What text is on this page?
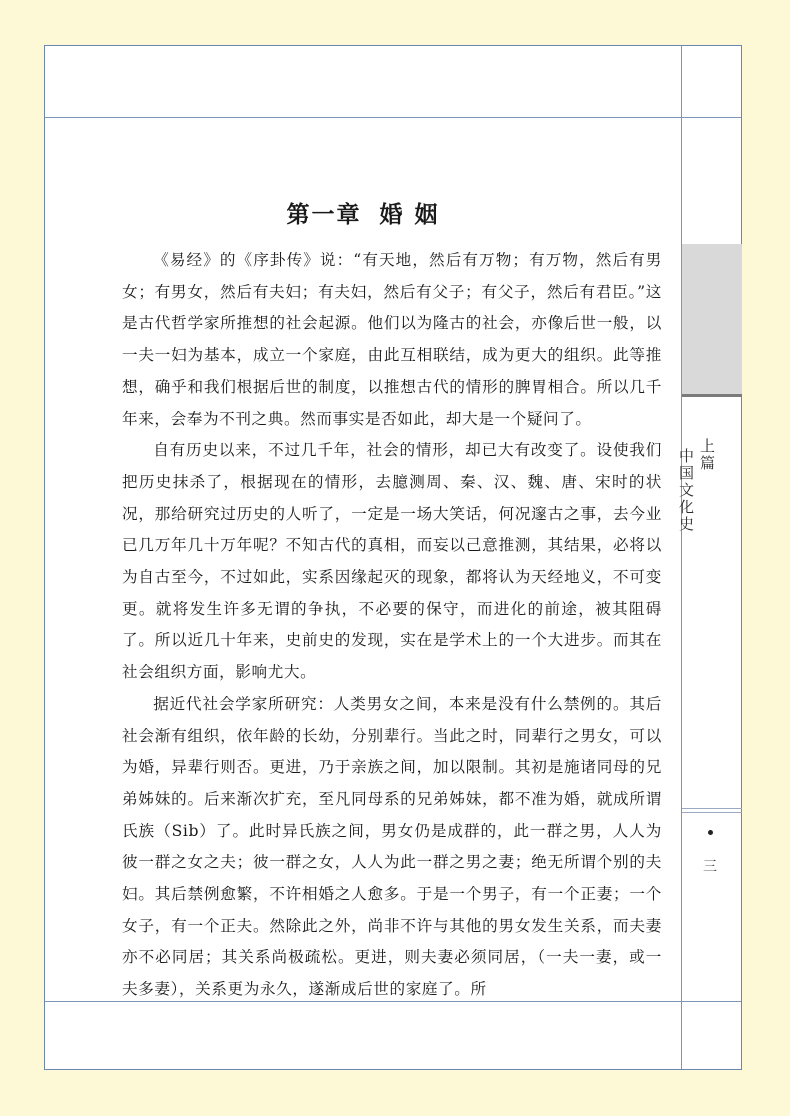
上篇
中国文化史
三
第一章 婚 姻

《易经》的《序卦传》说：“有天地，然后有万物；有万物，然后有男女；有男女，然后有夫妇；有夫妇，然后有父子；有父子，然后有君臣。”这是古代哲学家所推想的社会起源。他们以为隆古的社会，亦像后世一般，以一夫一妇为基本，成立一个家庭，由此互相联结，成为更大的组织。此等推想，确乎和我们根据后世的制度，以推想古代的情形的脾胃相合。所以几千年来，会奉为不刊之典。然而事实是否如此，却大是一个疑问了。

自有历史以来，不过几千年，社会的情形，却已大有改变了。设使我们把历史抹杀了，根据现在的情形，去臆测周、秦、汉、魏、唐、宋时的状况，那给研究过历史的人听了，一定是一场大笑话，何况邃古之事，去今业已几万年几十万年呢？不知古代的真相，而妄以己意推测，其结果，必将以为自古至今，不过如此，实系因缘起灭的现象，都将认为天经地义，不可变更。就将发生许多无谓的争执，不必要的保守，而进化的前途，被其阻碍了。所以近几十年来，史前史的发现，实在是学术上的一个大进步。而其在社会组织方面，影响尤大。

据近代社会学家所研究：人类男女之间，本来是没有什么禁例的。其后社会渐有组织，依年龄的长幼，分别辈行。当此之时，同辈行之男女，可以为婚，异辈行则否。更进，乃于亲族之间，加以限制。其初是施诸同母的兄弟姊妹的。后来渐次扩充，至凡同母系的兄弟姊妹，都不准为婚，就成所谓氏族（Sib）了。此时异氏族之间，男女仍是成群的，此一群之男，人人为彼一群之女之夫；彼一群之女，人人为此一群之男之妻；绝无所谓个别的夫妇。其后禁例愈繁，不许相婚之人愈多。于是一个男子，有一个正妻；一个女子，有一个正夫。然除此之外，尚非不许与其他的男女发生关系，而夫妻亦不必同居；其关系尚极疏松。更进，则夫妻必须同居，（一夫一妻，或一夫多妻），关系更为永久，遂渐成后世的家庭了。所
